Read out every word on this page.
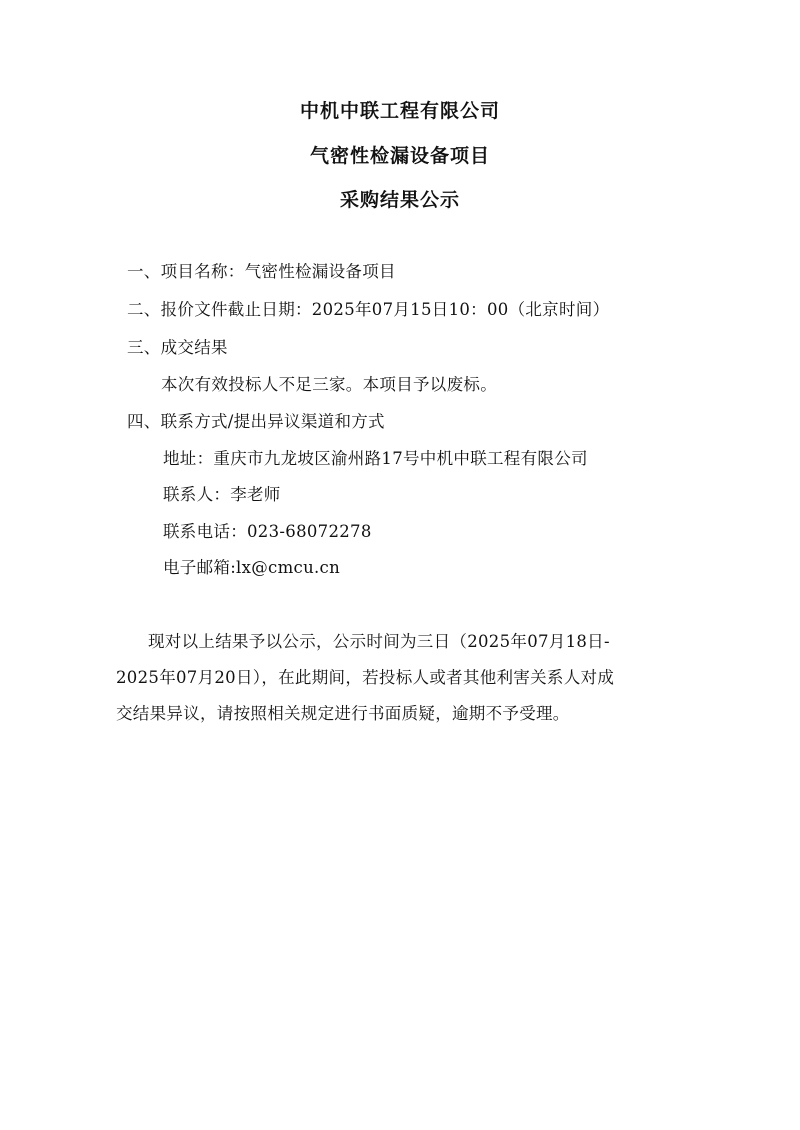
中机中联工程有限公司
气密性检漏设备项目
采购结果公示
一、项目名称：气密性检漏设备项目
二、报价文件截止日期：2025年07月15日10：00（北京时间）
三、成交结果
本次有效投标人不足三家。本项目予以废标。
四、联系方式/提出异议渠道和方式
地址：重庆市九龙坡区渝州路17号中机中联工程有限公司
联系人：李老师
联系电话：023-68072278
电子邮箱:lx@cmcu.cn
现对以上结果予以公示，公示时间为三日（2025年07月18日-
2025年07月20日），在此期间，若投标人或者其他利害关系人对成
交结果异议，请按照相关规定进行书面质疑，逾期不予受理。
